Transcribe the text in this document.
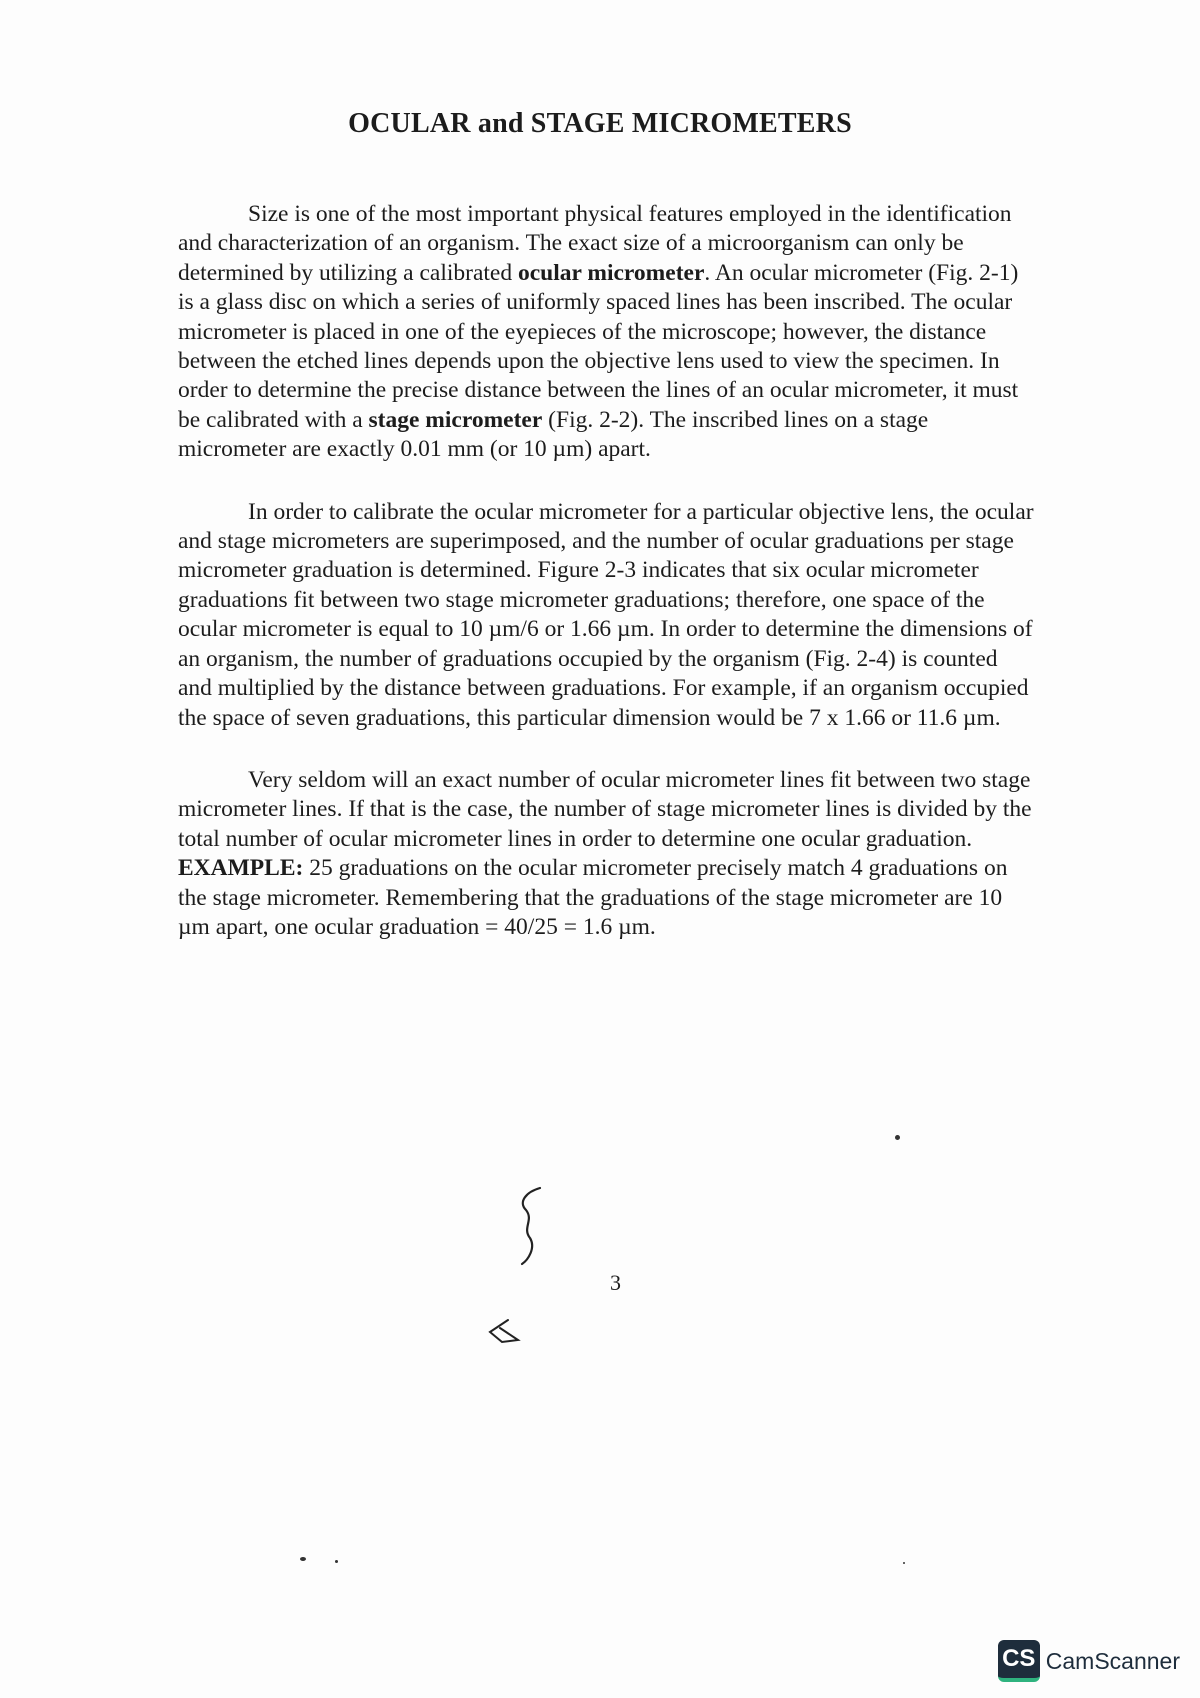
OCULAR and STAGE MICROMETERS

Size is one of the most important physical features employed in the identification and characterization of an organism. The exact size of a microorganism can only be determined by utilizing a calibrated ocular micrometer. An ocular micrometer (Fig. 2-1) is a glass disc on which a series of uniformly spaced lines has been inscribed. The ocular micrometer is placed in one of the eyepieces of the microscope; however, the distance between the etched lines depends upon the objective lens used to view the specimen. In order to determine the precise distance between the lines of an ocular micrometer, it must be calibrated with a stage micrometer (Fig. 2-2). The inscribed lines on a stage micrometer are exactly 0.01 mm (or 10 µm) apart.

In order to calibrate the ocular micrometer for a particular objective lens, the ocular and stage micrometers are superimposed, and the number of ocular graduations per stage micrometer graduation is determined. Figure 2-3 indicates that six ocular micrometer graduations fit between two stage micrometer graduations; therefore, one space of the ocular micrometer is equal to 10 µm/6 or 1.66 µm. In order to determine the dimensions of an organism, the number of graduations occupied by the organism (Fig. 2-4) is counted and multiplied by the distance between graduations. For example, if an organism occupied the space of seven graduations, this particular dimension would be 7 x 1.66 or 11.6 µm.

Very seldom will an exact number of ocular micrometer lines fit between two stage micrometer lines. If that is the case, the number of stage micrometer lines is divided by the total number of ocular micrometer lines in order to determine one ocular graduation. EXAMPLE: 25 graduations on the ocular micrometer precisely match 4 graduations on the stage micrometer. Remembering that the graduations of the stage micrometer are 10 µm apart, one ocular graduation = 40/25 = 1.6 µm.

3
CS CamScanner
